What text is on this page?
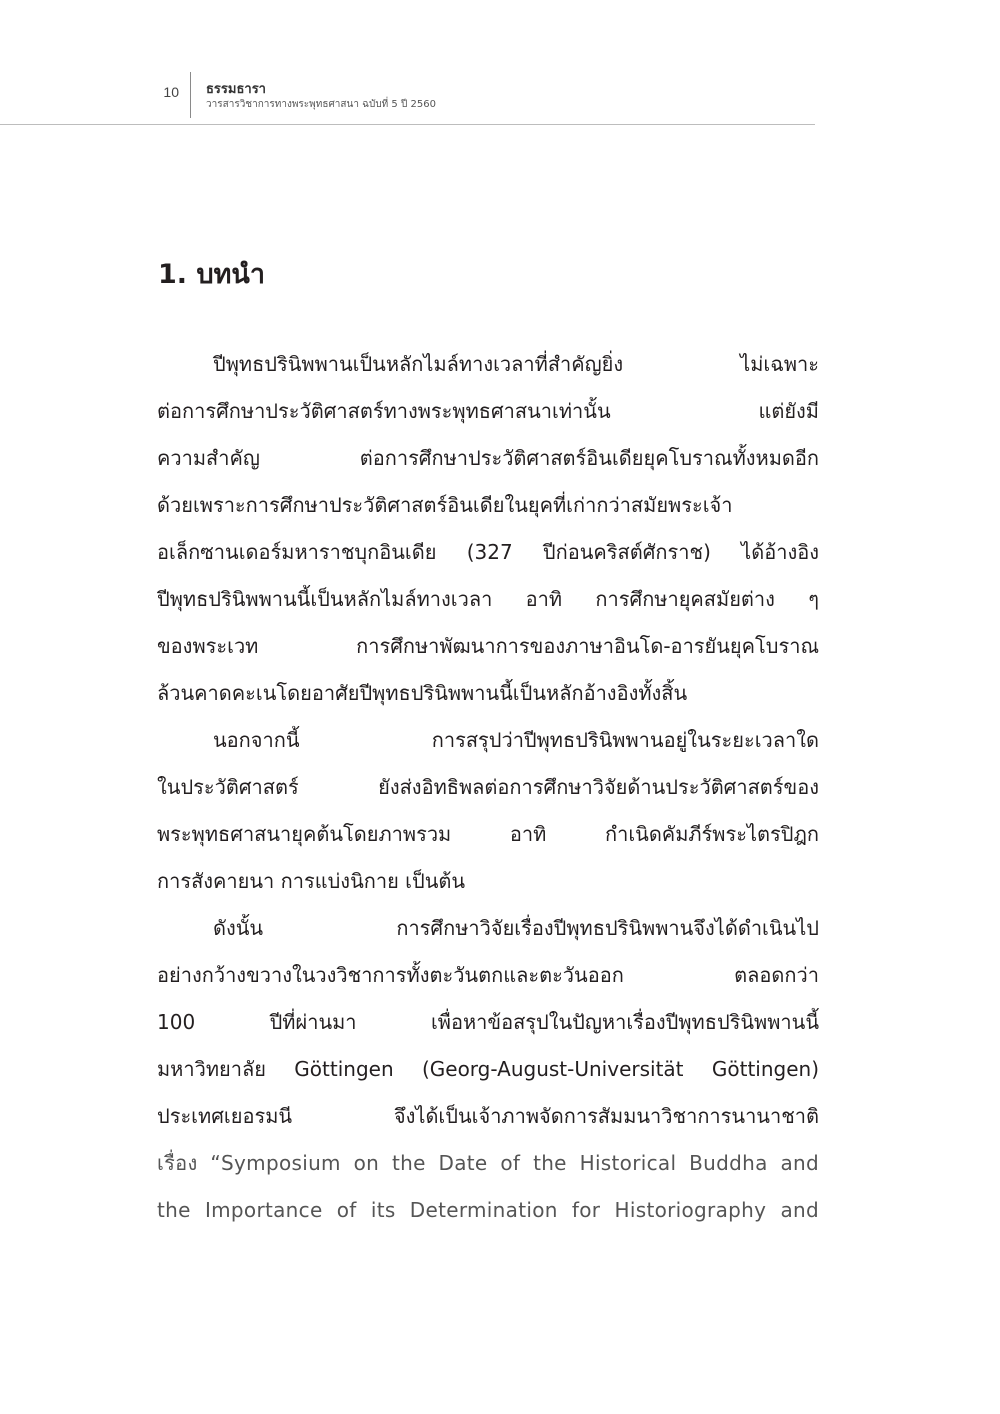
10 ธรรมธารา
วารสารวิชาการทางพระพุทธศาสนา ฉบับที่ 5 ปี 2560
1. บทนำ
ปีพุทธปรินิพพานเป็นหลักไมล์ทางเวลาที่สำคัญยิ่ง ไม่เฉพาะ
ต่อการศึกษาประวัติศาสตร์ทางพระพุทธศาสนาเท่านั้น แต่ยังมี
ความสำคัญ ต่อการศึกษาประวัติศาสตร์อินเดียยุคโบราณทั้งหมดอีก
ด้วยเพราะการศึกษาประวัติศาสตร์อินเดียในยุคที่เก่ากว่าสมัยพระเจ้า
อเล็กซานเดอร์มหาราชบุกอินเดีย (327 ปีก่อนคริสต์ศักราช) ได้อ้างอิง
ปีพุทธปรินิพพานนี้เป็นหลักไมล์ทางเวลา อาทิ การศึกษายุคสมัยต่าง ๆ
ของพระเวท การศึกษาพัฒนาการของภาษาอินโด-อารยันยุคโบราณ
ล้วนคาดคะเนโดยอาศัยปีพุทธปรินิพพานนี้เป็นหลักอ้างอิงทั้งสิ้น
นอกจากนี้ การสรุปว่าปีพุทธปรินิพพานอยู่ในระยะเวลาใด
ในประวัติศาสตร์ ยังส่งอิทธิพลต่อการศึกษาวิจัยด้านประวัติศาสตร์ของ
พระพุทธศาสนายุคต้นโดยภาพรวม อาทิ กำเนิดคัมภีร์พระไตรปิฎก
การสังคายนา การแบ่งนิกาย เป็นต้น
ดังนั้น การศึกษาวิจัยเรื่องปีพุทธปรินิพพานจึงได้ดำเนินไป
อย่างกว้างขวางในวงวิชาการทั้งตะวันตกและตะวันออก ตลอดกว่า
100 ปีที่ผ่านมา เพื่อหาข้อสรุปในปัญหาเรื่องปีพุทธปรินิพพานนี้
มหาวิทยาลัย Göttingen (Georg-August-Universität Göttingen)
ประเทศเยอรมนี จึงได้เป็นเจ้าภาพจัดการสัมมนาวิชาการนานาชาติ
เรื่อง “Symposium on the Date of the Historical Buddha and
the Importance of its Determination for Historiography and
